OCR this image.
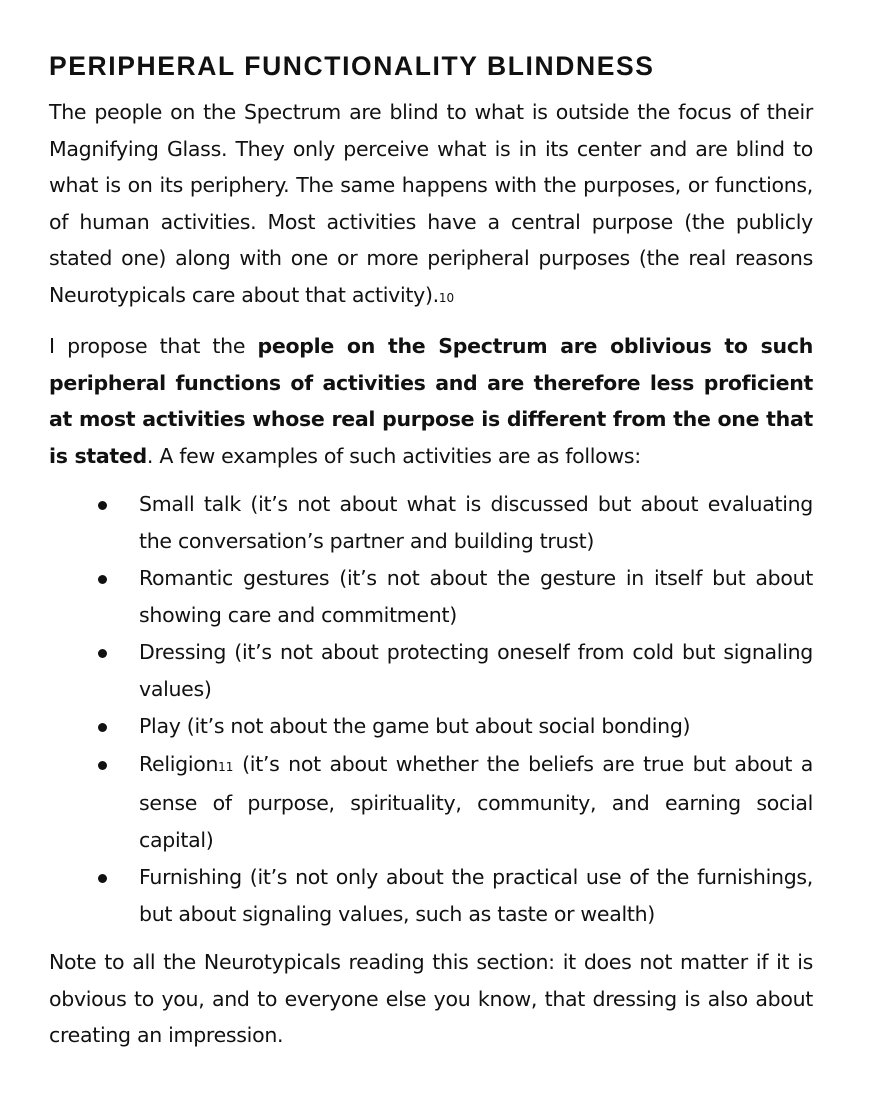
PERIPHERAL FUNCTIONALITY BLINDNESS

The people on the Spectrum are blind to what is outside the focus of their Magnifying Glass. They only perceive what is in its center and are blind to what is on its periphery. The same happens with the purposes, or functions, of human activities. Most activities have a central purpose (the publicly stated one) along with one or more peripheral purposes (the real reasons Neurotypicals care about that activity).10

I propose that the people on the Spectrum are oblivious to such peripheral functions of activities and are therefore less proficient at most activities whose real purpose is different from the one that is stated. A few examples of such activities are as follows:

Small talk (it’s not about what is discussed but about evaluating the conversation’s partner and building trust)
Romantic gestures (it’s not about the gesture in itself but about showing care and commitment)
Dressing (it’s not about protecting oneself from cold but signaling values)
Play (it’s not about the game but about social bonding)
Religion11 (it’s not about whether the beliefs are true but about a sense of purpose, spirituality, community, and earning social capital)
Furnishing (it’s not only about the practical use of the furnishings, but about signaling values, such as taste or wealth)

Note to all the Neurotypicals reading this section: it does not matter if it is obvious to you, and to everyone else you know, that dressing is also about creating an impression.
